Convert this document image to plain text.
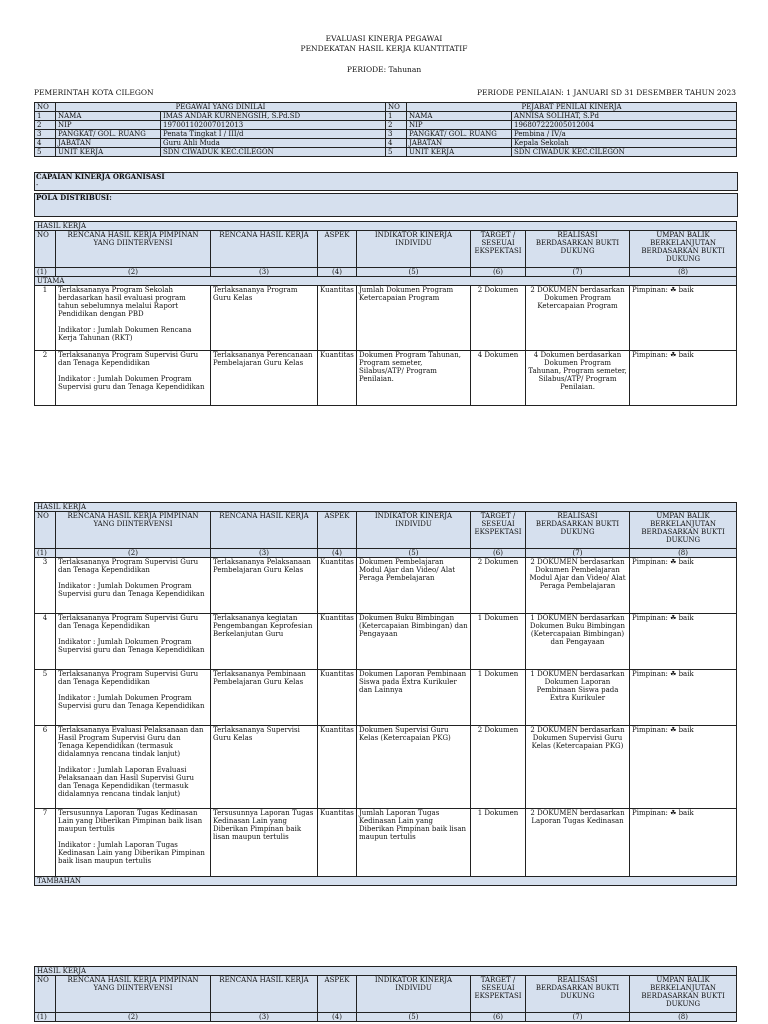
EVALUASI KINERJA PEGAWAI
PENDEKATAN HASIL KERJA KUANTITATIF
PERIODE: Tahunan
PEMERINTAH KOTA CILEGON	PERIODE PENILAIAN: 1 JANUARI SD 31 DESEMBER TAHUN 2023
NO	PEGAWAI YANG DINILAI		NO	PEJABAT PENILAI KINERJA	
1	NAMA	IMAS ANDAR KURNENGSIH, S.Pd.SD	1	NAMA	ANNISA SOLIHAT, S.Pd
2	NIP	197001102007012013	2	NIP	196807222005012004
3	PANGKAT/ GOL. RUANG	Penata Tingkat I / III/d	3	PANGKAT/ GOL. RUANG	Pembina / IV/a
4	JABATAN	Guru Ahli Muda	4	JABATAN	Kepala Sekolah
5	UNIT KERJA	SDN CIWADUK KEC.CILEGON	5	UNIT KERJA	SDN CIWADUK KEC.CILEGON
CAPAIAN KINERJA ORGANISASI
-
POLA DISTRIBUSI:
HASIL KERJA							
NO	RENCANA HASIL KERJA PIMPINAN YANG DIINTERVENSI	RENCANA HASIL KERJA	ASPEK	INDIKATOR KINERJA INDIVIDU	TARGET / SESEUAI EKSPEKTASI	REALISASI BERDASARKAN BUKTI DUKUNG	UMPAN BALIK BERKELANJUTAN BERDASARKAN BUKTI DUKUNG
(1)	(2)	(3)	(4)	(5)	(6)	(7)	(8)
UTAMA							
1	Terlaksananya Program Sekolah berdasarkan hasil evaluasi program tahun sebelumnya melalui Raport Pendidikan dengan PBD

Indikator : Jumlah Dokumen Rencana Kerja Tahunan (RKT)	Terlaksananya Program Guru Kelas	Kuantitas	Jumlah Dokumen Program Ketercapaian Program	2 Dokumen	2 DOKUMEN berdasarkan Dokumen Program Ketercapaian Program	Pimpinan: ☘ baik
2	Terlaksananya Program Supervisi Guru dan Tenaga Kependidikan

Indikator : Jumlah Dokumen Program Supervisi guru dan Tenaga Kependidikan	Terlaksananya Perencanaan Pembelajaran Guru Kelas	Kuantitas	Dokumen Program Tahunan, Program semeter, Silabus/ATP/ Program Penilaian.	4 Dokumen	4 Dokumen berdasarkan Dokumen Program Tahunan, Program semeter, Silabus/ATP/ Program Penilaian.	Pimpinan: ☘ baik
HASIL KERJA							
NO	RENCANA HASIL KERJA PIMPINAN YANG DIINTERVENSI	RENCANA HASIL KERJA	ASPEK	INDIKATOR KINERJA INDIVIDU	TARGET / SESEUAI EKSPEKTASI	REALISASI BERDASARKAN BUKTI DUKUNG	UMPAN BALIK BERKELANJUTAN BERDASARKAN BUKTI DUKUNG
(1)	(2)	(3)	(4)	(5)	(6)	(7)	(8)
3	Terlaksananya Program Supervisi Guru dan Tenaga Kependidikan

Indikator : Jumlah Dokumen Program Supervisi guru dan Tenaga Kependidikan	Terlaksananya Pelaksanaan Pembelajaran Guru Kelas	Kuantitas	Dokumen Pembelajaran Modul Ajar dan Video/ Alat Peraga Pembelajaran	2 Dokumen	2 DOKUMEN berdasarkan Dokumen Pembelajaran Modul Ajar dan Video/ Alat Peraga Pembelajaran	Pimpinan: ☘ baik
4	Terlaksananya Program Supervisi Guru dan Tenaga Kependidikan

Indikator : Jumlah Dokumen Program Supervisi guru dan Tenaga Kependidikan	Terlaksananya kegiatan Pengembangan Keprofesian Berkelanjutan Guru	Kuantitas	Dokumen Buku Bimbingan (Ketercapaian Bimbingan) dan Pengayaan	1 Dokumen	1 DOKUMEN berdasarkan Dokumen Buku Bimbingan (Ketercapaian Bimbingan) dan Pengayaan	Pimpinan: ☘ baik
5	Terlaksananya Program Supervisi Guru dan Tenaga Kependidikan

Indikator : Jumlah Dokumen Program Supervisi guru dan Tenaga Kependidikan	Terlaksananya Pembinaan Pembelajaran Guru Kelas	Kuantitas	Dokumen Laporan Pembinaan Siswa pada Extra Kurikuler dan Lainnya	1 Dokumen	1 DOKUMEN berdasarkan Dokumen Laporan Pembinaan Siswa pada Extra Kurikuler	Pimpinan: ☘ baik
6	Terlaksananya Evaluasi Pelaksanaan dan Hasil Program Supervisi Guru dan Tenaga Kependidikan (termasuk didalamnya rencana tindak lanjut)

Indikator : Jumlah Laporan Evaluasi Pelaksanaan dan Hasil Supervisi Guru dan Tenaga Kependidikan (termasuk didalamnya rencana tindak lanjut)	Terlaksananya Supervisi Guru Kelas	Kuantitas	Dokumen Supervisi Guru Kelas (Ketercapaian PKG)	2 Dokumen	2 DOKUMEN berdasarkan Dokumen Supervisi Guru Kelas (Ketercapaian PKG)	Pimpinan: ☘ baik
7	Tersusunnya Laporan Tugas Kedinasan Lain yang Diberikan Pimpinan baik lisan maupun tertulis

Indikator : Jumlah Laporan Tugas Kedinasan Lain yang Diberikan Pimpinan baik lisan maupun tertulis	Tersusunnya Laporan Tugas Kedinasan Lain yang Diberikan Pimpinan baik lisan maupun tertulis	Kuantitas	Jumlah Laporan Tugas Kedinasan Lain yang Diberikan Pimpinan baik lisan maupun tertulis	1 Dokumen	2 DOKUMEN berdasarkan Laporan Tugas Kedinasan	Pimpinan: ☘ baik
TAMBAHAN							
HASIL KERJA							
NO	RENCANA HASIL KERJA PIMPINAN YANG DIINTERVENSI	RENCANA HASIL KERJA	ASPEK	INDIKATOR KINERJA INDIVIDU	TARGET / SESEUAI EKSPEKTASI	REALISASI BERDASARKAN BUKTI DUKUNG	UMPAN BALIK BERKELANJUTAN BERDASARKAN BUKTI DUKUNG
(1)	(2)	(3)	(4)	(5)	(6)	(7)	(8)
